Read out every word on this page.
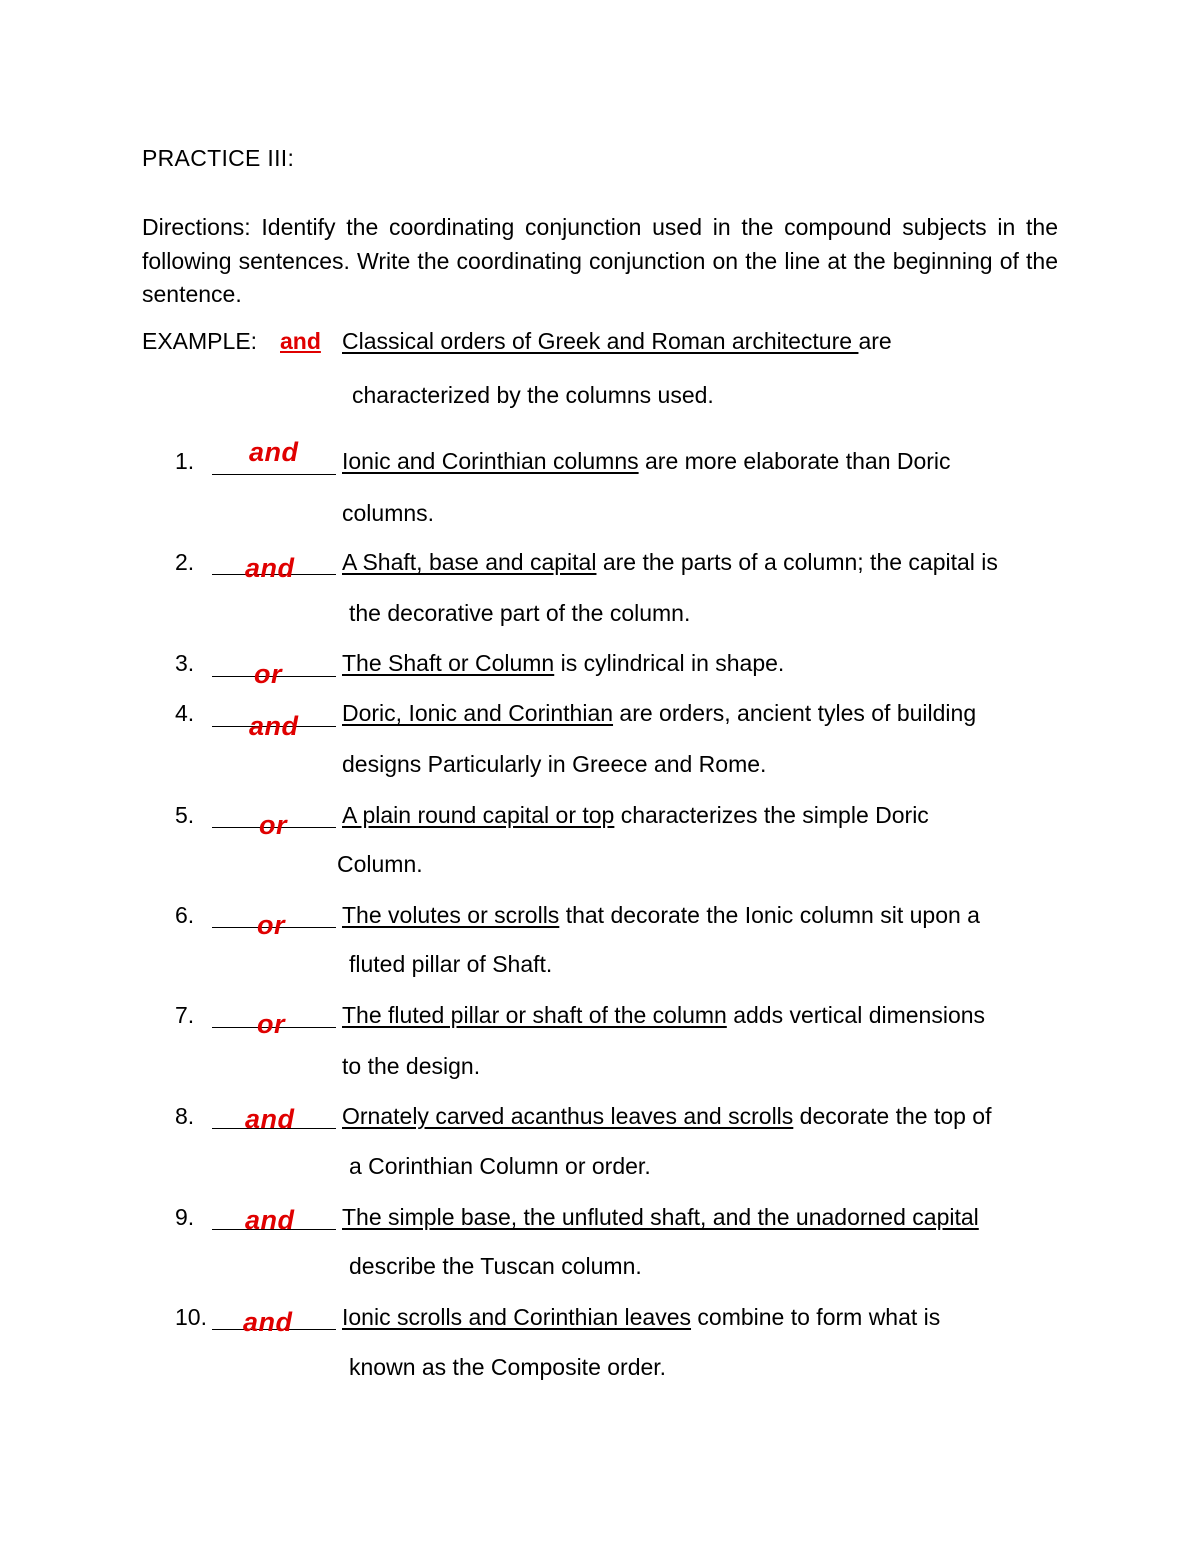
PRACTICE III:
Directions: Identify the coordinating conjunction used in the compound subjects in the following sentences. Write the coordinating conjunction on the line at the beginning of the sentence.
EXAMPLE: and Classical orders of Greek and Roman architecture are
characterized by the columns used.
1. and Ionic and Corinthian columns are more elaborate than Doric
columns.
2. and A Shaft, base and capital are the parts of a column; the capital is
the decorative part of the column.
3. or	The Shaft or Column is cylindrical in shape.
4. and Doric, Ionic and Corinthian are orders, ancient tyles of building
designs Particularly in Greece and Rome.
5. or A plain round capital or top characterizes the simple Doric
Column.
6. or The volutes or scrolls that decorate the Ionic column sit upon a
fluted pillar of Shaft.
7. or The fluted pillar or shaft of the column adds vertical dimensions
to the design.
8. and Ornately carved acanthus leaves and scrolls decorate the top of
a Corinthian Column or order.
9. and The simple base, the unfluted shaft, and the unadorned capital
describe the Tuscan column.
10. and Ionic scrolls and Corinthian leaves combine to form what is
known as the Composite order.
